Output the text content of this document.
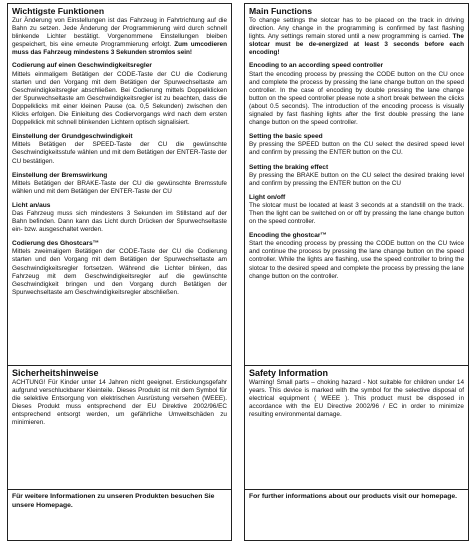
Wichtigste Funktionen

Zur Änderung von Einstellungen ist das Fahrzeug in Fahrtrichtung auf die Bahn zu setzen. Jede Änderung der Programmierung wird durch schnell blinkende Lichter bestätigt. Vorgenommene Einstellungen bleiben gespeichert, bis eine erneute Programmierung erfolgt. Zum umcodieren muss das Fahrzeug mindestens 3 Sekunden stromlos sein!

Codierung auf einen Geschwindigkeitsregler

Mittels einmaligem Betätigen der CODE-Taste der CU die Codierung starten und den Vorgang mit dem Betätigen der Spurwechseltaste am Geschwindigkeitsregler abschließen. Bei Codierung mittels Doppelklicken der Spurwechseltaste am Geschwindigkeitsregler ist zu beachten, dass die Doppelklicks mit einer kleinen Pause (ca. 0,5 Sekunden) zwischen den Klicks erfolgen. Die Einleitung des Codiervorgangs wird nach dem ersten Doppelklick mit schnell blinkenden Lichtern optisch signalisiert.

Einstellung der Grundgeschwindigkeit

Mittels Betätigen der SPEED-Taste der CU die gewünschte Geschwindigkeitsstufe wählen und mit dem Betätigen der ENTER-Taste der CU bestätigen.

Einstellung der Bremswirkung

Mittels Betätigen der BRAKE-Taste der CU die gewünschte Bremsstufe wählen und mit dem Betätigen der ENTER-Taste der CU

Licht an/aus

Das Fahrzeug muss sich mindestens 3 Sekunden im Stillstand auf der Bahn befinden. Dann kann das Licht durch Drücken der Spurwechseltaste ein- bzw. ausgeschaltet werden.

Codierung des Ghostcars™

Mittels zweimaligem Betätigen der CODE-Taste der CU die Codierung starten und den Vorgang mit dem Betätigen der Spurwechseltaste am Geschwindigkeitsregler fortsetzen. Während die Lichter blinken, das Fahrzeug mit dem Geschwindigkeitsregler auf die gewünschte Geschwindigkeit bringen und den Vorgang durch Betätigen der Spurwechseltaste am Geschwindigkeitsregler abschließen.

Sicherheitshinweise

ACHTUNG! Für Kinder unter 14 Jahren nicht geeignet. Erstickungsgefahr aufgrund verschluckbarer Kleinteile. Dieses Produkt ist mit dem Symbol für die selektive Entsorgung von elektrischen Ausrüstung versehen (WEEE). Dieses Produkt muss entsprechend der EU Direktive 2002/96/EC entsprechend entsorgt werden, um gefährliche Umweltschäden zu minimieren.

Für weitere Informationen zu unseren Produkten besuchen Sie unsere Homepage.

Main Functions

To change settings the slotcar has to be placed on the track in driving direction. Any change in the programming is confirmed by fast flashing lights. Any settings remain stored until a new programming is carried. The slotcar must be de-energized at least 3 seconds before each encoding!

Encoding to an according speed controller

Start the encoding process by pressing the CODE button on the CU once and complete the process by pressing the lane change button on the speed controller. In the case of encoding by double pressing the lane change button on the speed controller please note a short break between the clicks (about 0.5 seconds). The introduction of the encoding process is visually signaled by fast flashing lights after the first double pressing the lane change button on the speed controller.

Setting the basic speed

By pressing the SPEED button on the CU select the desired speed level and confirm by pressing the ENTER button on the CU.

Setting the braking effect

By pressing the BRAKE button on the CU select the desired braking level and confirm by pressing the ENTER button on the CU

Light on/off

The slotcar must be located at least 3 seconds at a standstill on the track. Then the light can be switched on or off by pressing the lane change button on the speed controller.

Encoding the ghostcar™

Start the encoding process by pressing the CODE button on the CU twice and continue the process by pressing the lane change button on the speed controller. While the lights are flashing, use the speed controller to bring the slotcar to the desired speed and complete the process by pressing the lane change button on the controller.

Safety Information

Warning! Small parts – choking hazard - Not suitable for children under 14 years. This device is marked with the symbol for the selective disposal of electrical equipment ( WEEE ). This product must be disposed in accordance with the EU Directive 2002/96 / EC in order to minimize resulting environmental damage.

For further informations about our products visit our homepage.
